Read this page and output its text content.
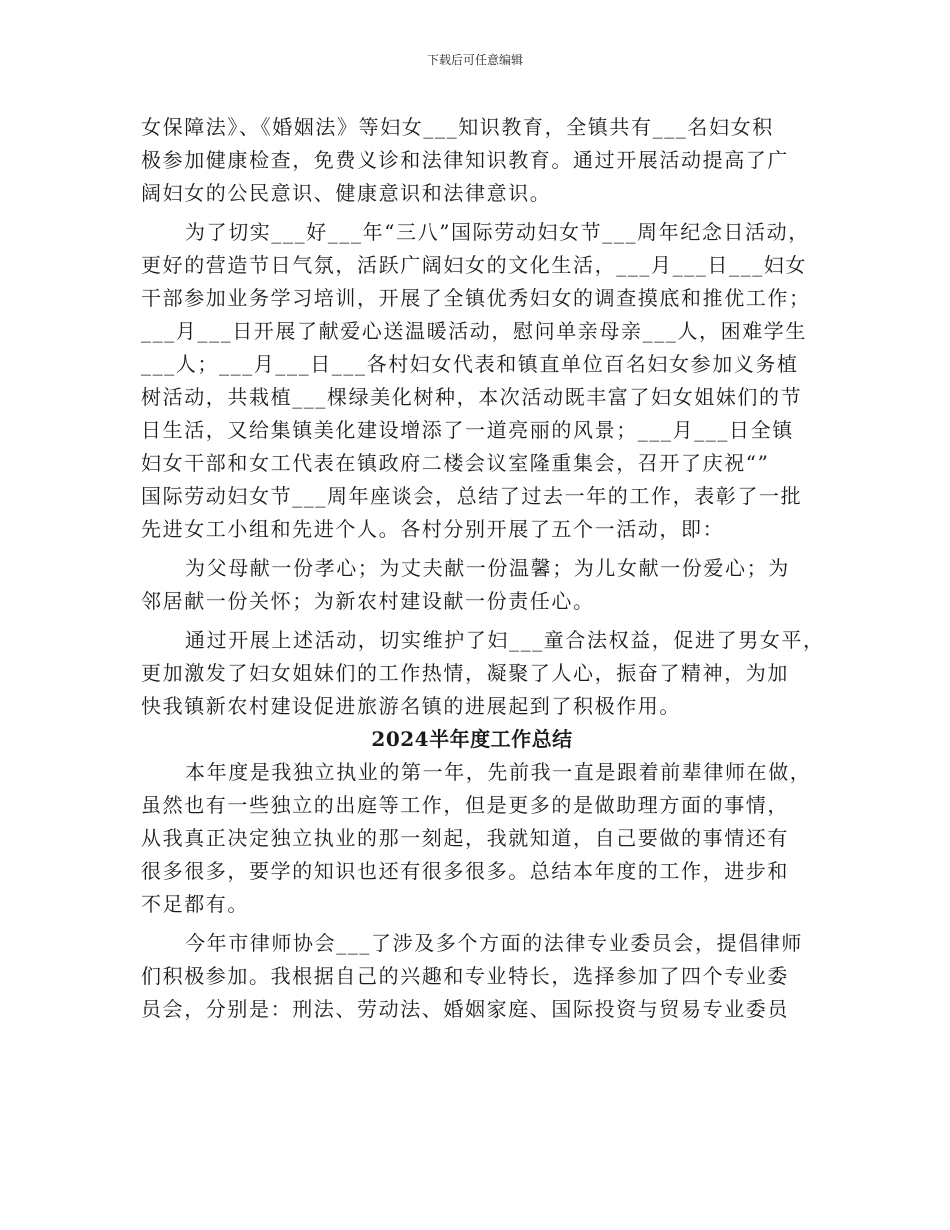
下载后可任意编辑
女保障法》、《婚姻法》等妇女___知识教育，全镇共有___名妇女积
极参加健康检查，免费义诊和法律知识教育。通过开展活动提高了广
阔妇女的公民意识、健康意识和法律意识。
为了切实___好___年“三八”国际劳动妇女节___周年纪念日活动，
更好的营造节日气氛，活跃广阔妇女的文化生活，___月___日___妇女
干部参加业务学习培训，开展了全镇优秀妇女的调查摸底和推优工作；
___月___日开展了献爱心送温暖活动，慰问单亲母亲___人，困难学生
___人；___月___日___各村妇女代表和镇直单位百名妇女参加义务植
树活动，共栽植___棵绿美化树种，本次活动既丰富了妇女姐妹们的节
日生活，又给集镇美化建设增添了一道亮丽的风景；___月___日全镇
妇女干部和女工代表在镇政府二楼会议室隆重集会，召开了庆祝“”
国际劳动妇女节___周年座谈会，总结了过去一年的工作，表彰了一批
先进女工小组和先进个人。各村分别开展了五个一活动，即：
为父母献一份孝心；为丈夫献一份温馨；为儿女献一份爱心；为
邻居献一份关怀；为新农村建设献一份责任心。
通过开展上述活动，切实维护了妇___童合法权益，促进了男女平，
更加激发了妇女姐妹们的工作热情，凝聚了人心，振奋了精神，为加
快我镇新农村建设促进旅游名镇的进展起到了积极作用。
2024半年度工作总结
本年度是我独立执业的第一年，先前我一直是跟着前辈律师在做，
虽然也有一些独立的出庭等工作，但是更多的是做助理方面的事情，
从我真正决定独立执业的那一刻起，我就知道，自己要做的事情还有
很多很多，要学的知识也还有很多很多。总结本年度的工作，进步和
不足都有。
今年市律师协会___了涉及多个方面的法律专业委员会，提倡律师
们积极参加。我根据自己的兴趣和专业特长，选择参加了四个专业委
员会，分别是：刑法、劳动法、婚姻家庭、国际投资与贸易专业委员
